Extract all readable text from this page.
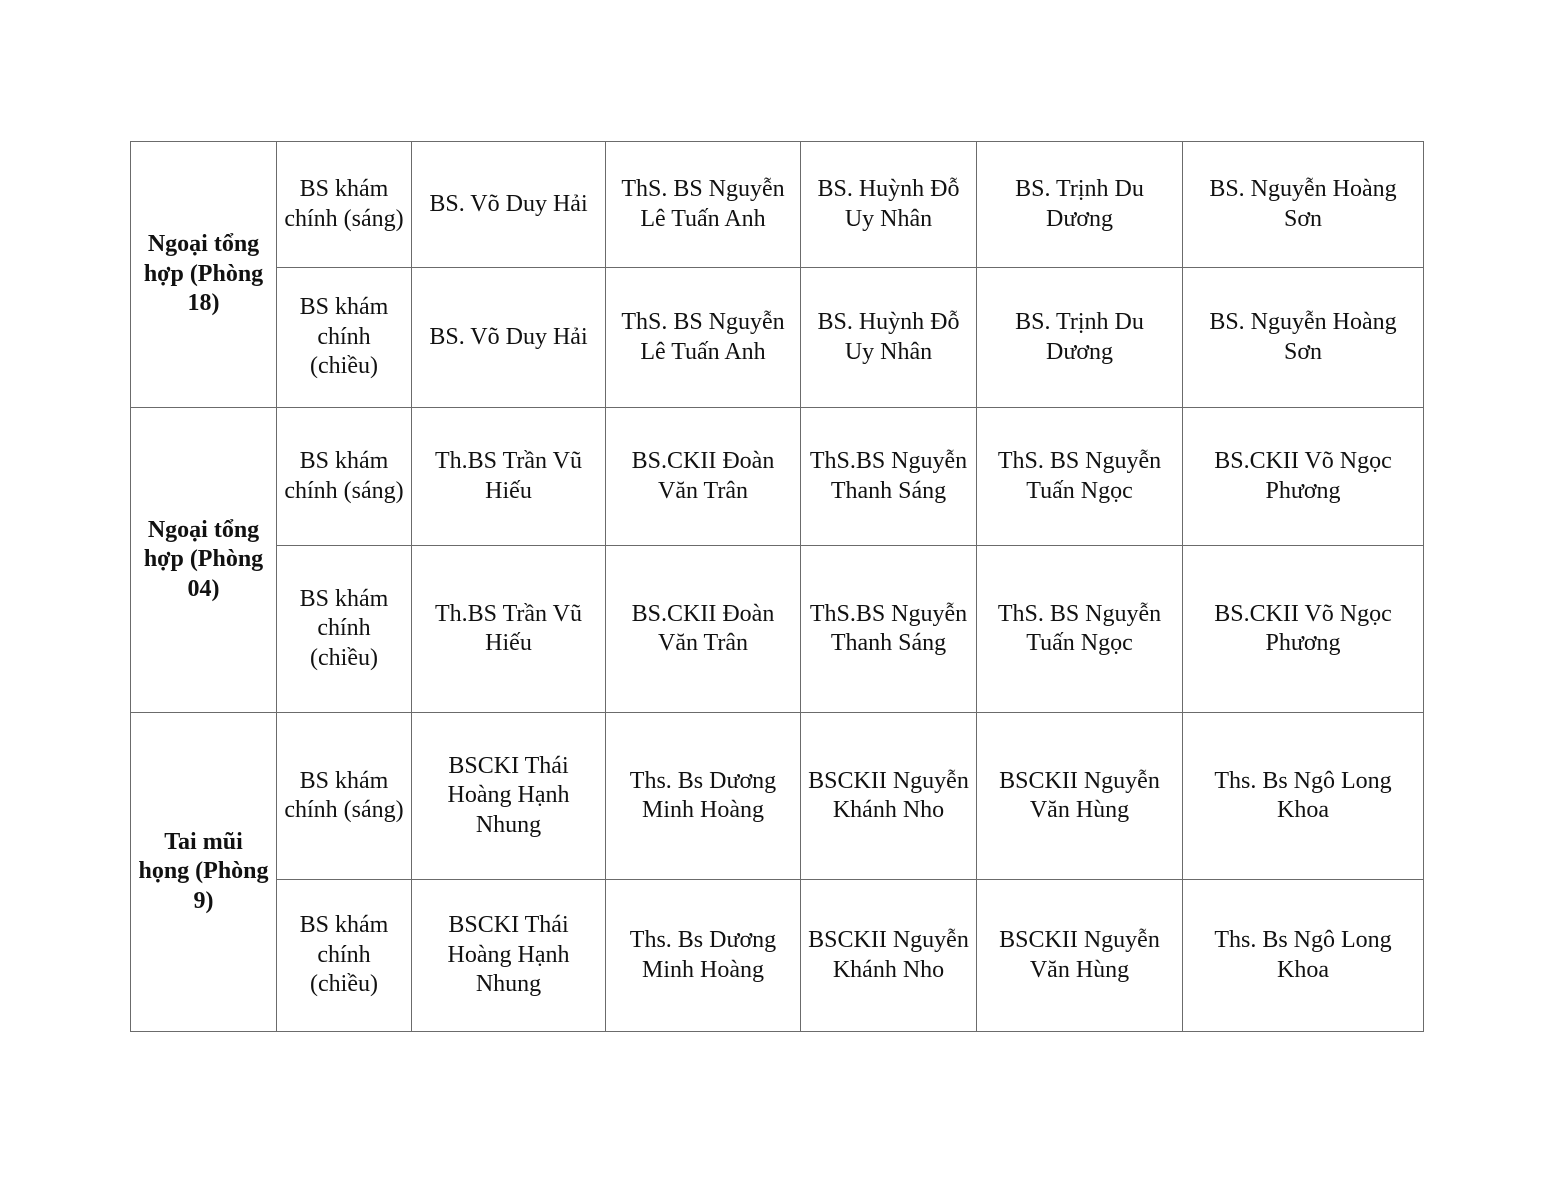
Ngoại tổng hợp (Phòng 18)	BS khám chính (sáng)	BS. Võ Duy Hải	ThS. BS Nguyễn Lê Tuấn Anh	BS. Huỳnh Đỗ Uy Nhân	BS. Trịnh Du Dương	BS. Nguyễn Hoàng Sơn
	BS khám chính (chiều)	BS. Võ Duy Hải	ThS. BS Nguyễn Lê Tuấn Anh	BS. Huỳnh Đỗ Uy Nhân	BS. Trịnh Du Dương	BS. Nguyễn Hoàng Sơn
Ngoại tổng hợp (Phòng 04)	BS khám chính (sáng)	Th.BS Trần Vũ Hiếu	BS.CKII Đoàn Văn Trân	ThS.BS Nguyễn Thanh Sáng	ThS. BS Nguyễn Tuấn Ngọc	BS.CKII Võ Ngọc Phương
	BS khám chính (chiều)	Th.BS Trần Vũ Hiếu	BS.CKII Đoàn Văn Trân	ThS.BS Nguyễn Thanh Sáng	ThS. BS Nguyễn Tuấn Ngọc	BS.CKII Võ Ngọc Phương
Tai mũi họng (Phòng 9)	BS khám chính (sáng)	BSCKI Thái Hoàng Hạnh Nhung	Ths. Bs Dương Minh Hoàng	BSCKII Nguyễn Khánh Nho	BSCKII Nguyễn Văn Hùng	Ths. Bs Ngô Long Khoa
	BS khám chính (chiều)	BSCKI Thái Hoàng Hạnh Nhung	Ths. Bs Dương Minh Hoàng	BSCKII Nguyễn Khánh Nho	BSCKII Nguyễn Văn Hùng	Ths. Bs Ngô Long Khoa
